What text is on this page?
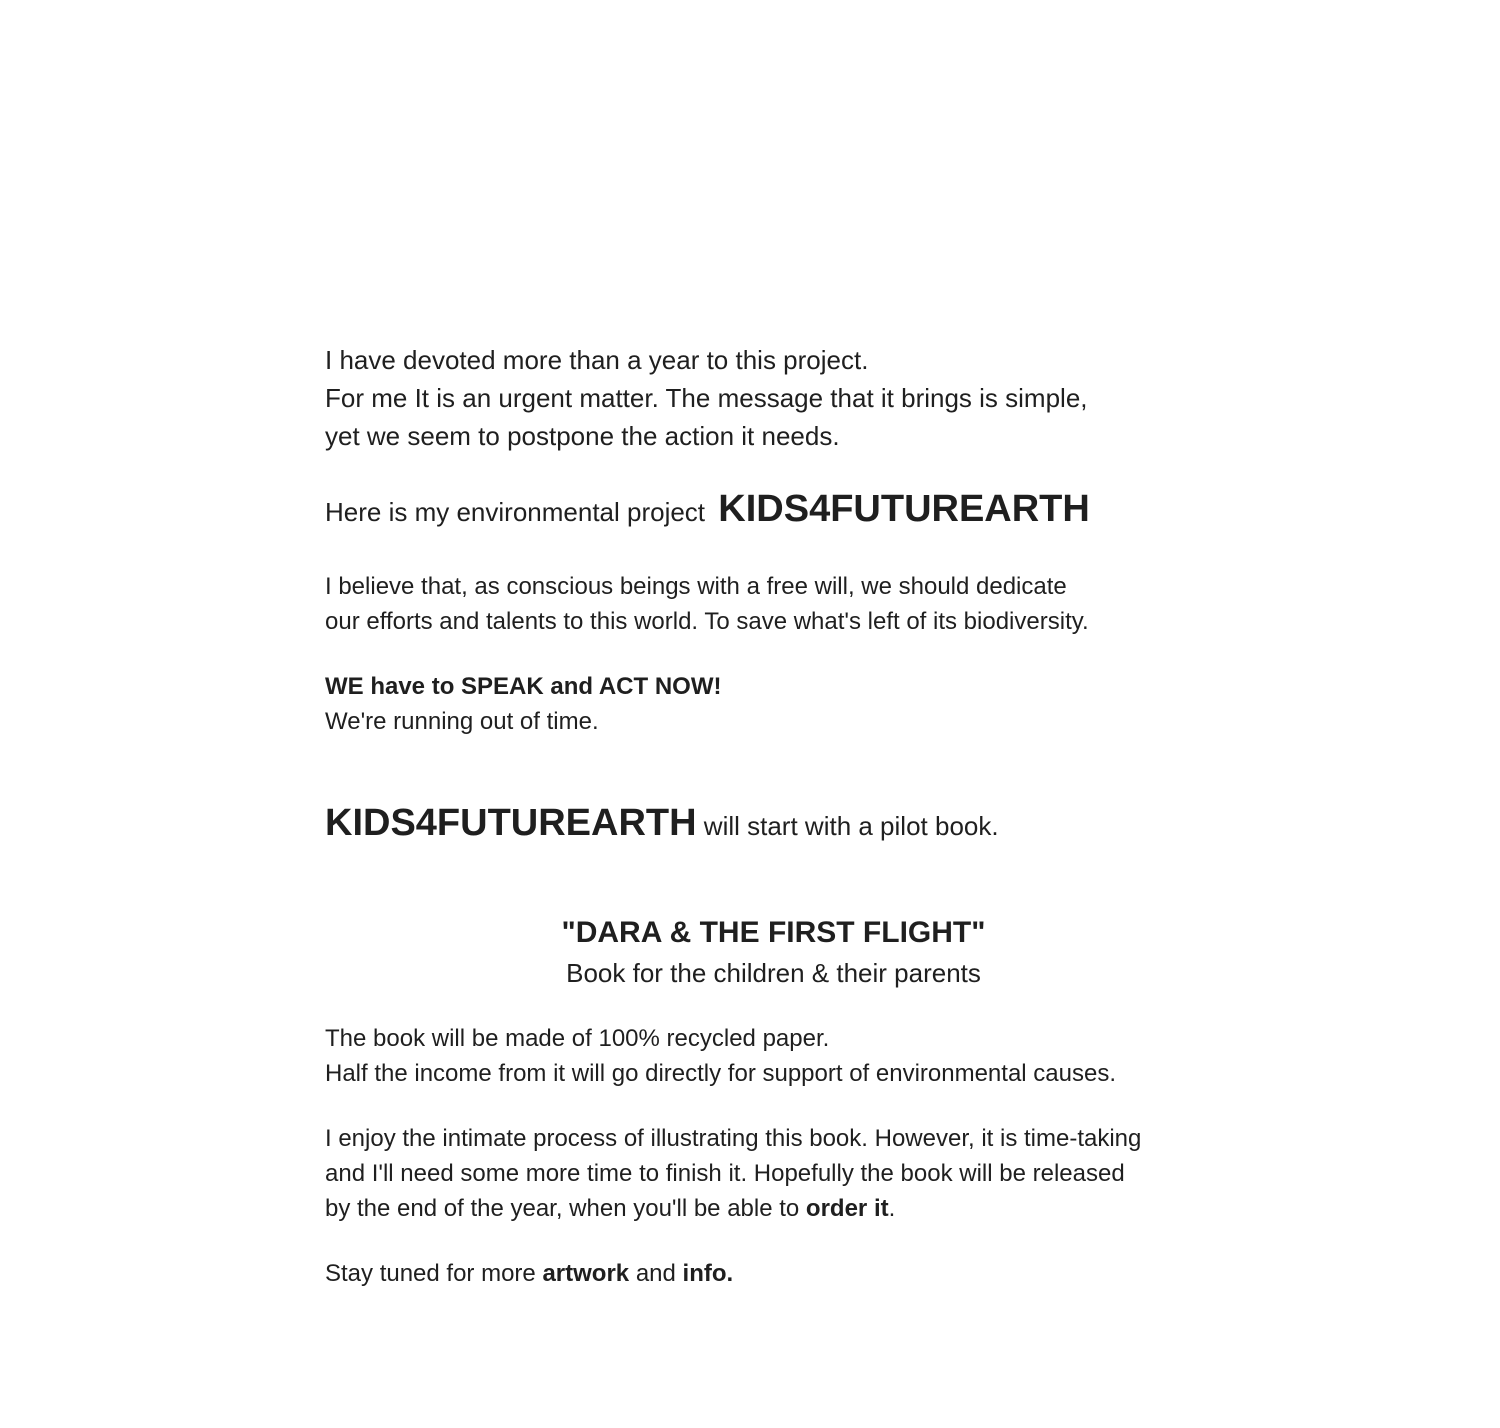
I have devoted more than a year to this project.

For me It is an urgent matter. The message that it brings is simple,

yet we seem to postpone the action it needs.

Here is my environmental project KIDS4FUTUREARTH

I believe that, as conscious beings with a free will, we should dedicate

our efforts and talents to this world. To save what's left of its biodiversity.

WE have to SPEAK and ACT NOW!

We're running out of time.

KIDS4FUTUREARTH will start with a pilot book.

"DARA & THE FIRST FLIGHT"

Book for the children & their parents

The book will be made of 100% recycled paper.

Half the income from it will go directly for support of environmental causes.

I enjoy the intimate process of illustrating this book. However, it is time-taking

and I'll need some more time to finish it. Hopefully the book will be released

by the end of the year, when you'll be able to order it.

Stay tuned for more artwork and info.
